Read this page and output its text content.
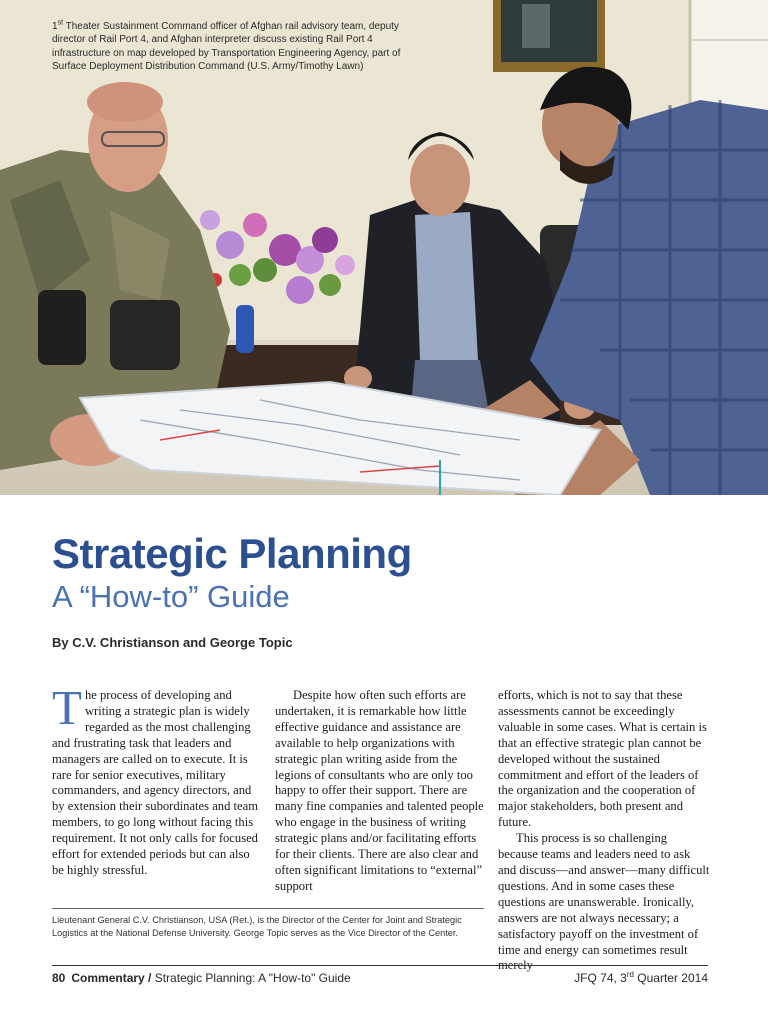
1st Theater Sustainment Command officer of Afghan rail advisory team, deputy director of Rail Port 4, and Afghan interpreter discuss existing Rail Port 4 infrastructure on map developed by Transportation Engineering Agency, part of Surface Deployment Distribution Command (U.S. Army/Timothy Lawn)
Strategic Planning
A “How-to” Guide
By C.V. Christianson and George Topic

The process of developing and writing a strategic plan is widely regarded as the most challenging and frustrating task that leaders and managers are called on to execute. It is rare for senior executives, military commanders, and agency directors, and by extension their subordinates and team members, to go long without facing this requirement. It not only calls for focused effort for extended periods but can also be highly stressful.

Despite how often such efforts are undertaken, it is remarkable how little effective guidance and assistance are available to help organizations with strategic plan writing aside from the legions of consultants who are only too happy to offer their support. There are many fine companies and talented people who engage in the business of writing strategic plans and/or facilitating efforts for their clients. There are also clear and often significant limitations to “external” support

efforts, which is not to say that these assessments cannot be exceedingly valuable in some cases. What is certain is that an effective strategic plan cannot be developed without the sustained commitment and effort of the leaders of the organization and the cooperation of major stakeholders, both present and future.

This process is so challenging because teams and leaders need to ask and discuss—and answer—many difficult questions. And in some cases these questions are unanswerable. Ironically, answers are not always necessary; a satisfactory payoff on the investment of time and energy can sometimes result merely

Lieutenant General C.V. Christianson, USA (Ret.), is the Director of the Center for Joint and Strategic Logistics at the National Defense University. George Topic serves as the Vice Director of the Center.
80 Commentary / Strategic Planning: A "How-to" Guide	JFQ 74, 3rd Quarter 2014
